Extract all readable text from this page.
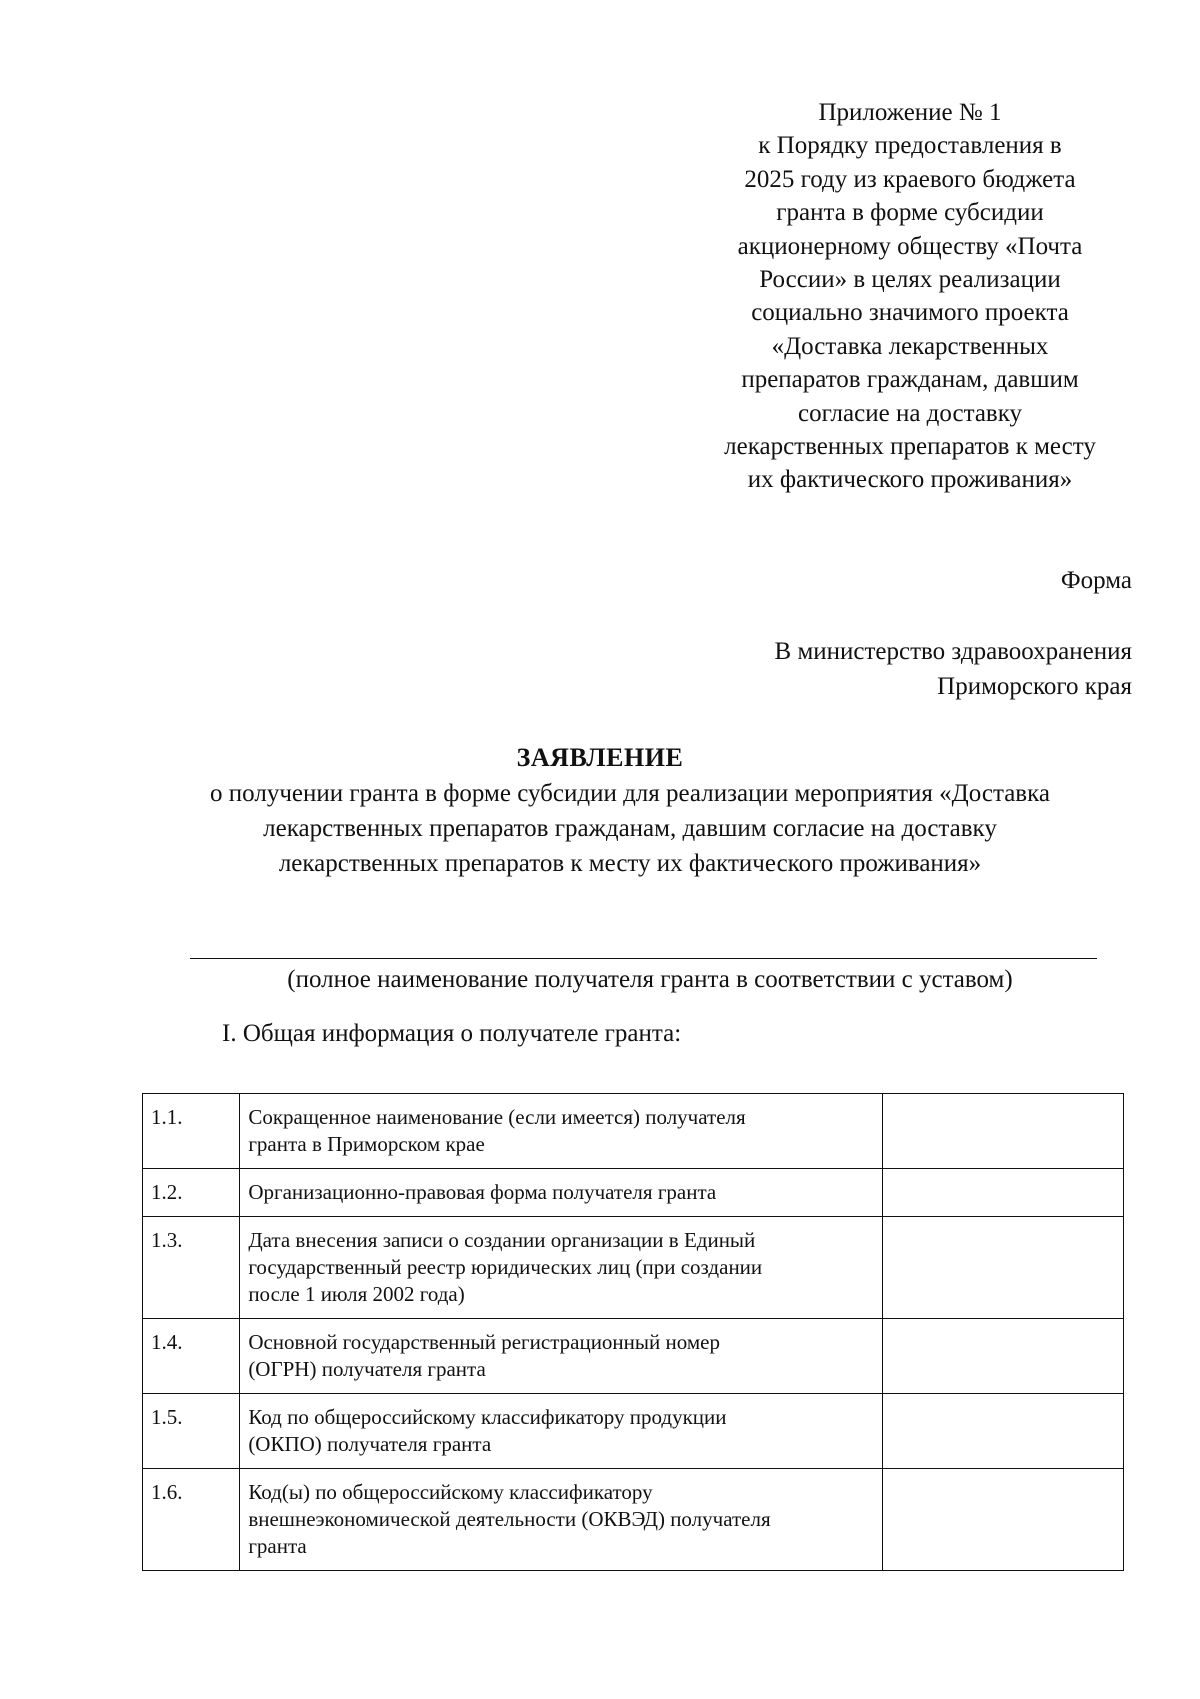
Приложение № 1
к Порядку предоставления в
2025 году из краевого бюджета
гранта в форме субсидии
акционерному обществу «Почта
России» в целях реализации
социально значимого проекта
«Доставка лекарственных
препаратов гражданам, давшим
согласие на доставку
лекарственных препаратов к месту
их фактического проживания»
Форма
В министерство здравоохранения
Приморского края
ЗАЯВЛЕНИЕ
о получении гранта в форме субсидии для реализации мероприятия «Доставка
лекарственных препаратов гражданам, давшим согласие на доставку
лекарственных препаратов к месту их фактического проживания»
(полное наименование получателя гранта в соответствии с уставом)
I. Общая информация о получателе гранта:
1.1.	Сокращенное наименование (если имеется) получателя
гранта в Приморском крае	

1.2.	Организационно-правовая форма получателя гранта	

1.3.	Дата внесения записи о создании организации в Единый
государственный реестр юридических лиц (при создании
после 1 июля 2002 года)	

1.4.	Основной государственный регистрационный номер
(ОГРН) получателя гранта	

1.5.	Код по общероссийскому классификатору продукции
(ОКПО) получателя гранта	

1.6.	Код(ы) по общероссийскому классификатору
внешнеэкономической деятельности (ОКВЭД) получателя
гранта	
